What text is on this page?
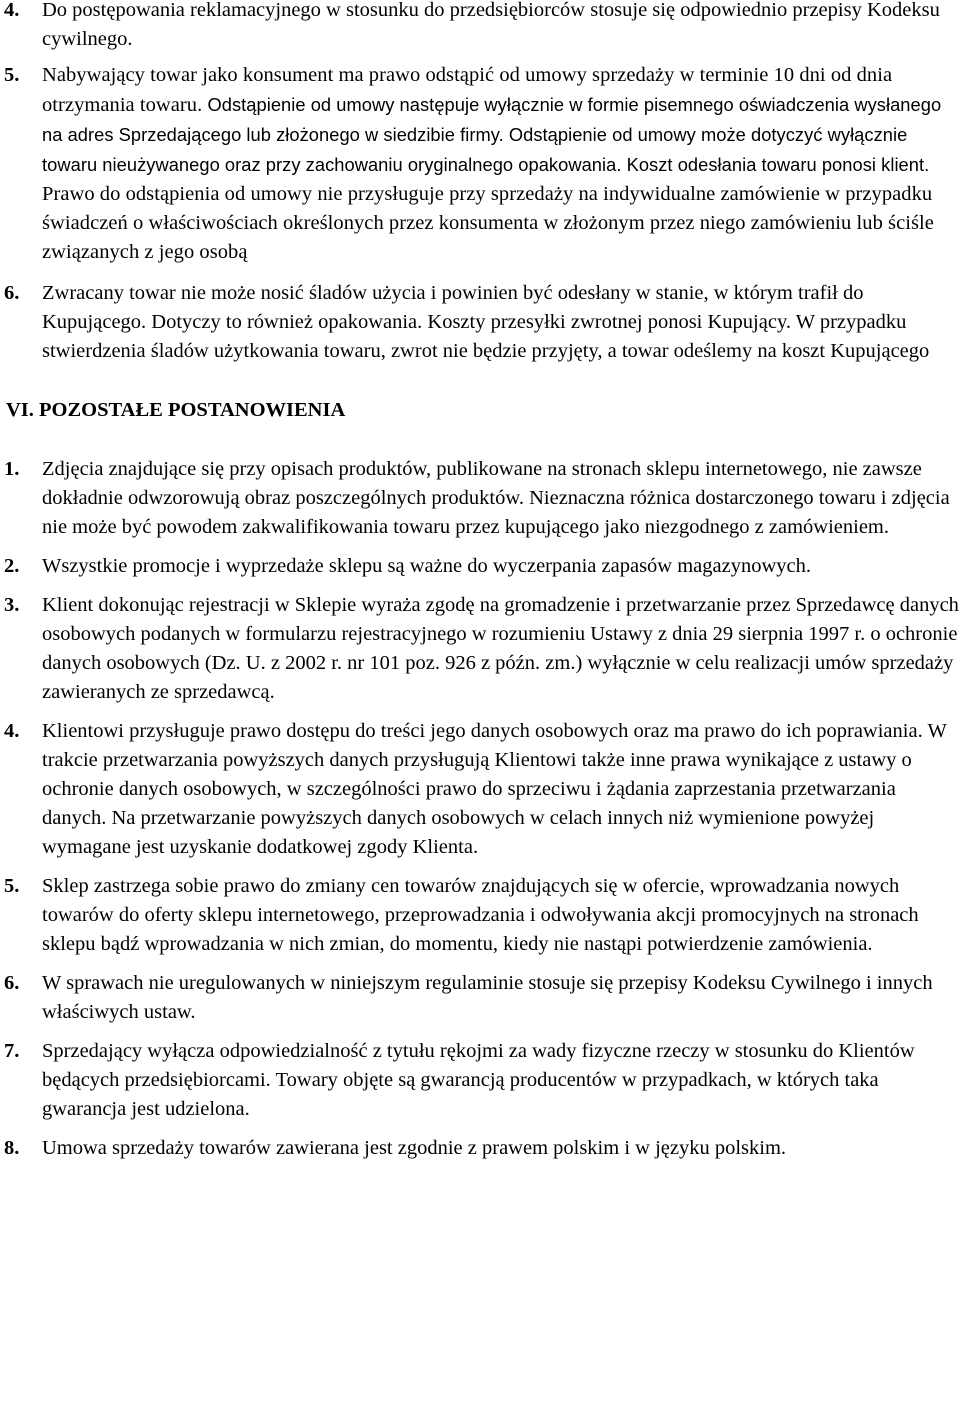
4. Do postępowania reklamacyjnego w stosunku do przedsiębiorców stosuje się odpowiednio przepisy Kodeksu cywilnego.
5. Nabywający towar jako konsument ma prawo odstąpić od umowy sprzedaży w terminie 10 dni od dnia otrzymania towaru. Odstąpienie od umowy następuje wyłącznie w formie pisemnego oświadczenia wysłanego na adres Sprzedającego lub złożonego w siedzibie firmy. Odstąpienie od umowy może dotyczyć wyłącznie towaru nieużywanego oraz przy zachowaniu oryginalnego opakowania. Koszt odesłania towaru ponosi klient. Prawo do odstąpienia od umowy nie przysługuje przy sprzedaży na indywidualne zamówienie w przypadku świadczeń o właściwościach określonych przez konsumenta w złożonym przez niego zamówieniu lub ściśle związanych z jego osobą
6. Zwracany towar nie może nosić śladów użycia i powinien być odesłany w stanie, w którym trafił do Kupującego. Dotyczy to również opakowania. Koszty przesyłki zwrotnej ponosi Kupujący. W przypadku stwierdzenia śladów użytkowania towaru, zwrot nie będzie przyjęty, a towar odeślemy na koszt Kupującego
VI. POZOSTAŁE POSTANOWIENIA
1. Zdjęcia znajdujące się przy opisach produktów, publikowane na stronach sklepu internetowego, nie zawsze dokładnie odwzorowują obraz poszczególnych produktów. Nieznaczna różnica dostarczonego towaru i zdjęcia nie może być powodem zakwalifikowania towaru przez kupującego jako niezgodnego z zamówieniem.
2. Wszystkie promocje i wyprzedaże sklepu są ważne do wyczerpania zapasów magazynowych.
3. Klient dokonując rejestracji w Sklepie wyraża zgodę na gromadzenie i przetwarzanie przez Sprzedawcę danych osobowych podanych w formularzu rejestracyjnego w rozumieniu Ustawy z dnia 29 sierpnia 1997 r. o ochronie danych osobowych (Dz. U. z 2002 r. nr 101 poz. 926 z późn. zm.) wyłącznie w celu realizacji umów sprzedaży zawieranych ze sprzedawcą.
4. Klientowi przysługuje prawo dostępu do treści jego danych osobowych oraz ma prawo do ich poprawiania. W trakcie przetwarzania powyższych danych przysługują Klientowi także inne prawa wynikające z ustawy o ochronie danych osobowych, w szczególności prawo do sprzeciwu i żądania zaprzestania przetwarzania danych. Na przetwarzanie powyższych danych osobowych w celach innych niż wymienione powyżej wymagane jest uzyskanie dodatkowej zgody Klienta.
5. Sklep zastrzega sobie prawo do zmiany cen towarów znajdujących się w ofercie, wprowadzania nowych towarów do oferty sklepu internetowego, przeprowadzania i odwoływania akcji promocyjnych na stronach sklepu bądź wprowadzania w nich zmian, do momentu, kiedy nie nastąpi potwierdzenie zamówienia.
6. W sprawach nie uregulowanych w niniejszym regulaminie stosuje się przepisy Kodeksu Cywilnego i innych właściwych ustaw.
7. Sprzedający wyłącza odpowiedzialność z tytułu rękojmi za wady fizyczne rzeczy w stosunku do Klientów będących przedsiębiorcami. Towary objęte są gwarancją producentów w przypadkach, w których taka gwarancja jest udzielona.
8. Umowa sprzedaży towarów zawierana jest zgodnie z prawem polskim i w języku polskim.
